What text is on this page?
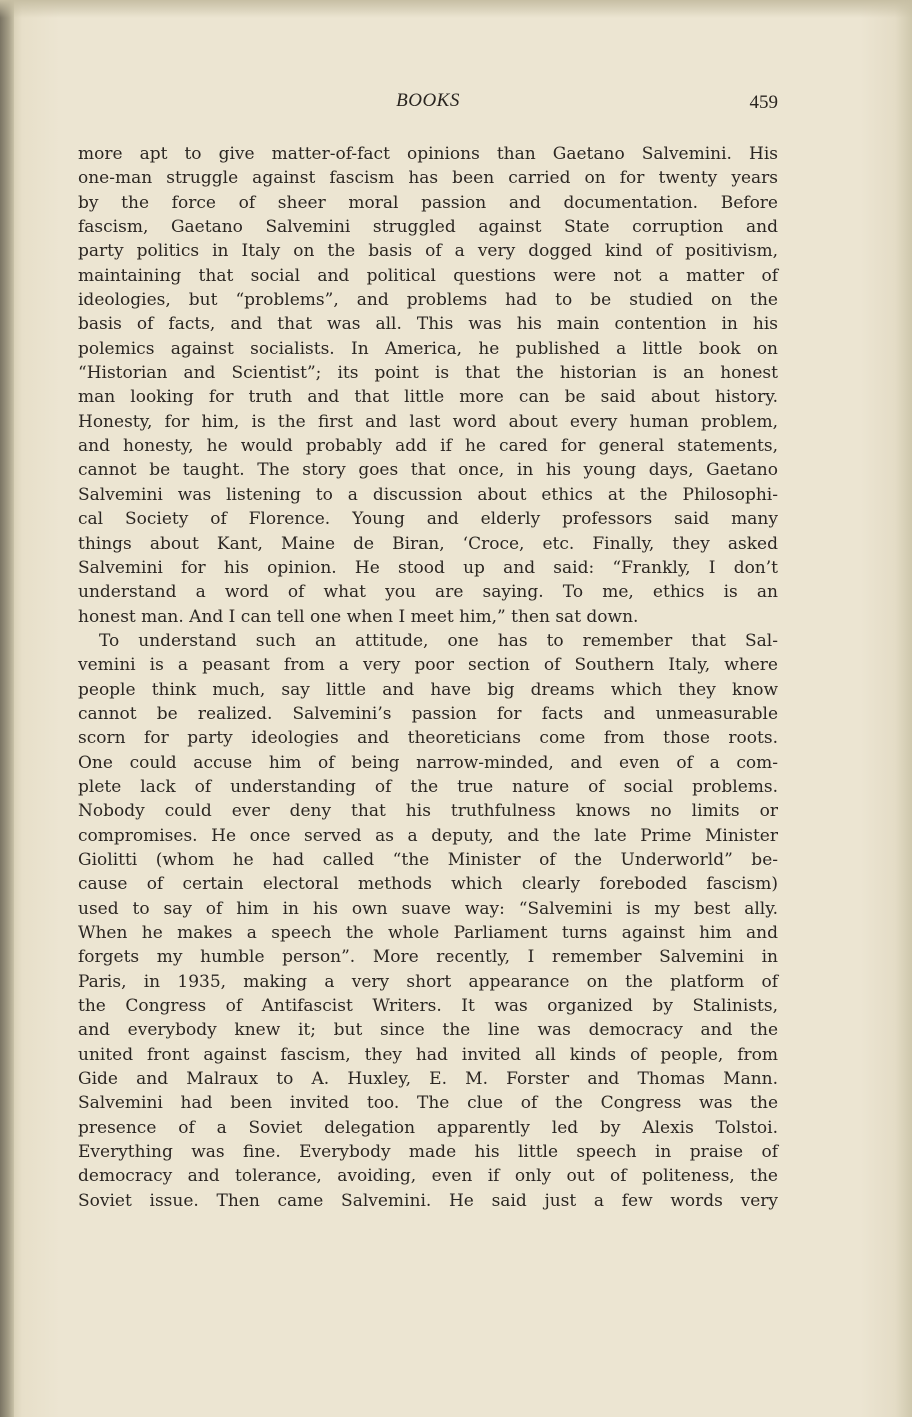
BOOKS	459
more apt to give matter-of-fact opinions than Gaetano Salvemini. His
one-man struggle against fascism has been carried on for twenty years
by the force of sheer moral passion and documentation. Before
fascism, Gaetano Salvemini struggled against State corruption and
party politics in Italy on the basis of a very dogged kind of positivism,
maintaining that social and political questions were not a matter of
ideologies, but “problems”, and problems had to be studied on the
basis of facts, and that was all. This was his main contention in his
polemics against socialists. In America, he published a little book on
“Historian and Scientist”; its point is that the historian is an honest
man looking for truth and that little more can be said about history.
Honesty, for him, is the first and last word about every human problem,
and honesty, he would probably add if he cared for general statements,
cannot be taught. The story goes that once, in his young days, Gaetano
Salvemini was listening to a discussion about ethics at the Philosophi-
cal Society of Florence. Young and elderly professors said many
things about Kant, Maine de Biran, ‘Croce, etc. Finally, they asked
Salvemini for his opinion. He stood up and said: “Frankly, I don’t
understand a word of what you are saying. To me, ethics is an
honest man. And I can tell one when I meet him,” then sat down.
To understand such an attitude, one has to remember that Sal-
vemini is a peasant from a very poor section of Southern Italy, where
people think much, say little and have big dreams which they know
cannot be realized. Salvemini’s passion for facts and unmeasurable
scorn for party ideologies and theoreticians come from those roots.
One could accuse him of being narrow-minded, and even of a com-
plete lack of understanding of the true nature of social problems.
Nobody could ever deny that his truthfulness knows no limits or
compromises. He once served as a deputy, and the late Prime Minister
Giolitti (whom he had called “the Minister of the Underworld” be-
cause of certain electoral methods which clearly foreboded fascism)
used to say of him in his own suave way: “Salvemini is my best ally.
When he makes a speech the whole Parliament turns against him and
forgets my humble person”. More recently, I remember Salvemini in
Paris, in 1935, making a very short appearance on the platform of
the Congress of Antifascist Writers. It was organized by Stalinists,
and everybody knew it; but since the line was democracy and the
united front against fascism, they had invited all kinds of people, from
Gide and Malraux to A. Huxley, E. M. Forster and Thomas Mann.
Salvemini had been invited too. The clue of the Congress was the
presence of a Soviet delegation apparently led by Alexis Tolstoi.
Everything was fine. Everybody made his little speech in praise of
democracy and tolerance, avoiding, even if only out of politeness, the
Soviet issue. Then came Salvemini. He said just a few words very
